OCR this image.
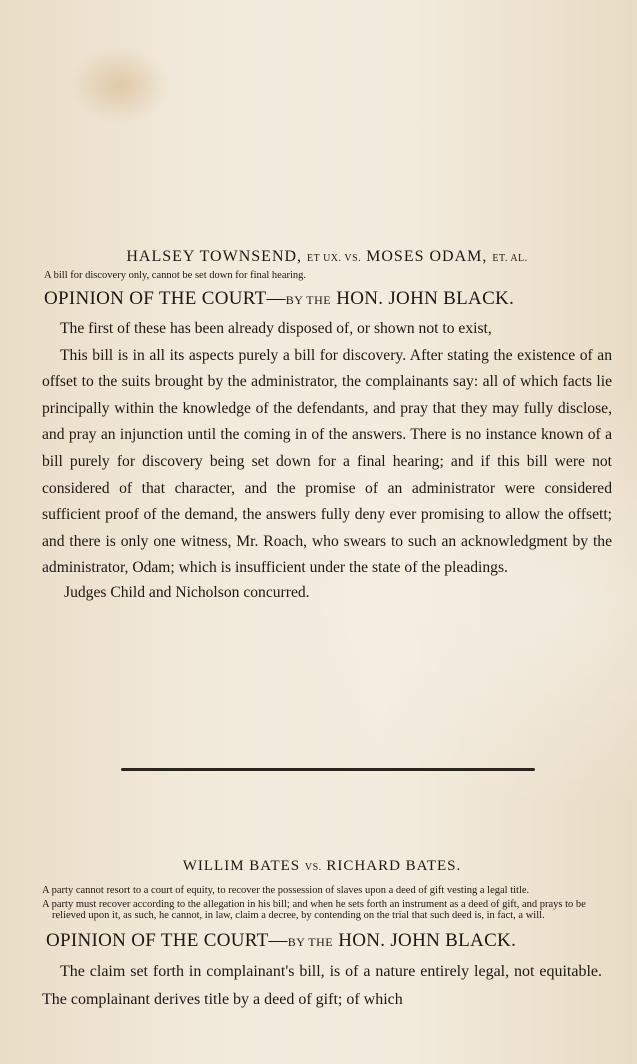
HALSEY TOWNSEND, ET UX. VS. MOSES ODAM, ET. AL.
A bill for discovery only, cannot be set down for final hearing.
OPINION OF THE COURT—BY THE HON. JOHN BLACK.

The first of these has been already disposed of, or shown not to exist,

This bill is in all its aspects purely a bill for discovery. After stating the existence of an offset to the suits brought by the administrator, the complainants say: all of which facts lie principally within the knowledge of the defendants, and pray that they may fully disclose, and pray an injunction until the coming in of the answers. There is no instance known of a bill purely for discovery being set down for a final hearing; and if this bill were not considered of that character, and the promise of an administrator were considered sufficient proof of the demand, the answers fully deny ever promising to allow the offsett; and there is only one witness, Mr. Roach, who swears to such an acknowledgment by the administrator, Odam; which is insufficient under the state of the pleadings.

Judges Child and Nicholson concurred.

WILLIM BATES VS. RICHARD BATES.
A party cannot resort to a court of equity, to recover the possession of slaves upon a deed of gift vesting a legal title.
A party must recover according to the allegation in his bill; and when he sets forth an instrument as a deed of gift, and prays to be relieved upon it, as such, he cannot, in law, claim a decree, by contending on the trial that such deed is, in fact, a will.
OPINION OF THE COURT—BY THE HON. JOHN BLACK.

The claim set forth in complainant's bill, is of a nature entirely legal, not equitable. The complainant derives title by a deed of gift; of which
